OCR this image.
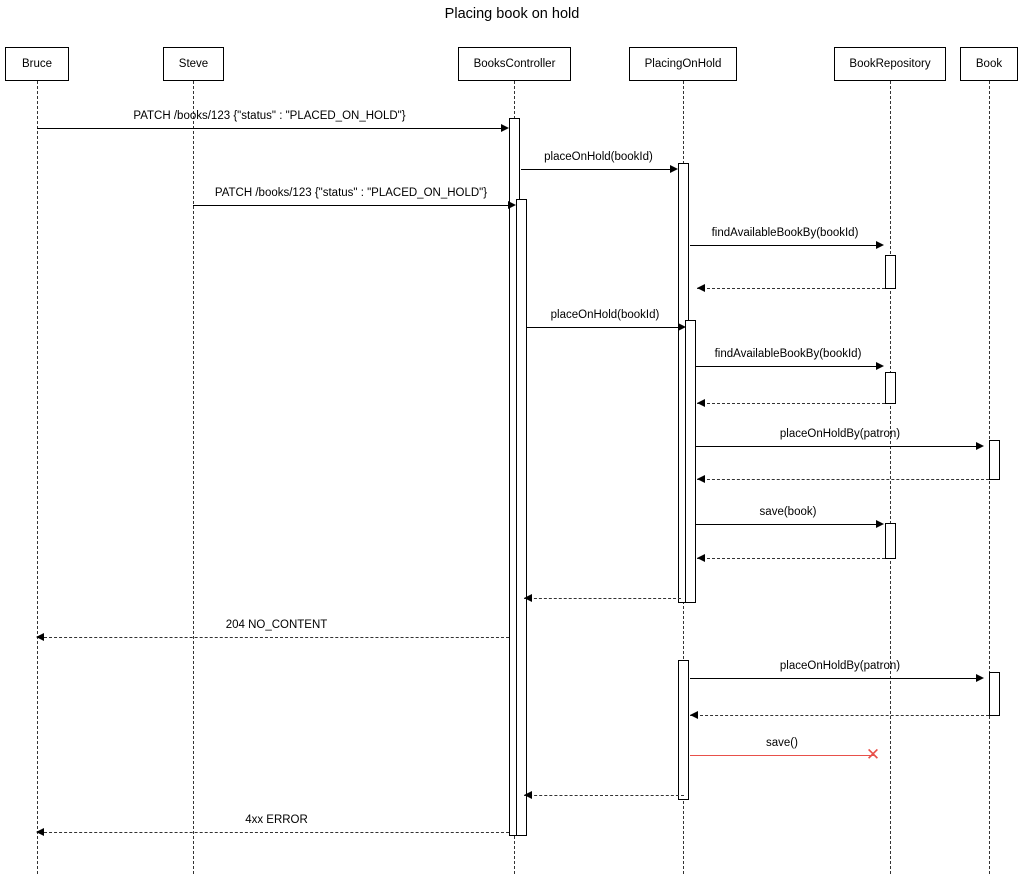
Placing book on hold
Bruce	Steve	BooksController	PlacingOnHold	BookRepository	Book
PATCH /books/123 {"status" : "PLACED_ON_HOLD"}
placeOnHold(bookId)
PATCH /books/123 {"status" : "PLACED_ON_HOLD"}
findAvailableBookBy(bookId)
placeOnHold(bookId)
findAvailableBookBy(bookId)
placeOnHoldBy(patron)
save(book)
204 NO_CONTENT
placeOnHoldBy(patron)
✕
save()
4xx ERROR
